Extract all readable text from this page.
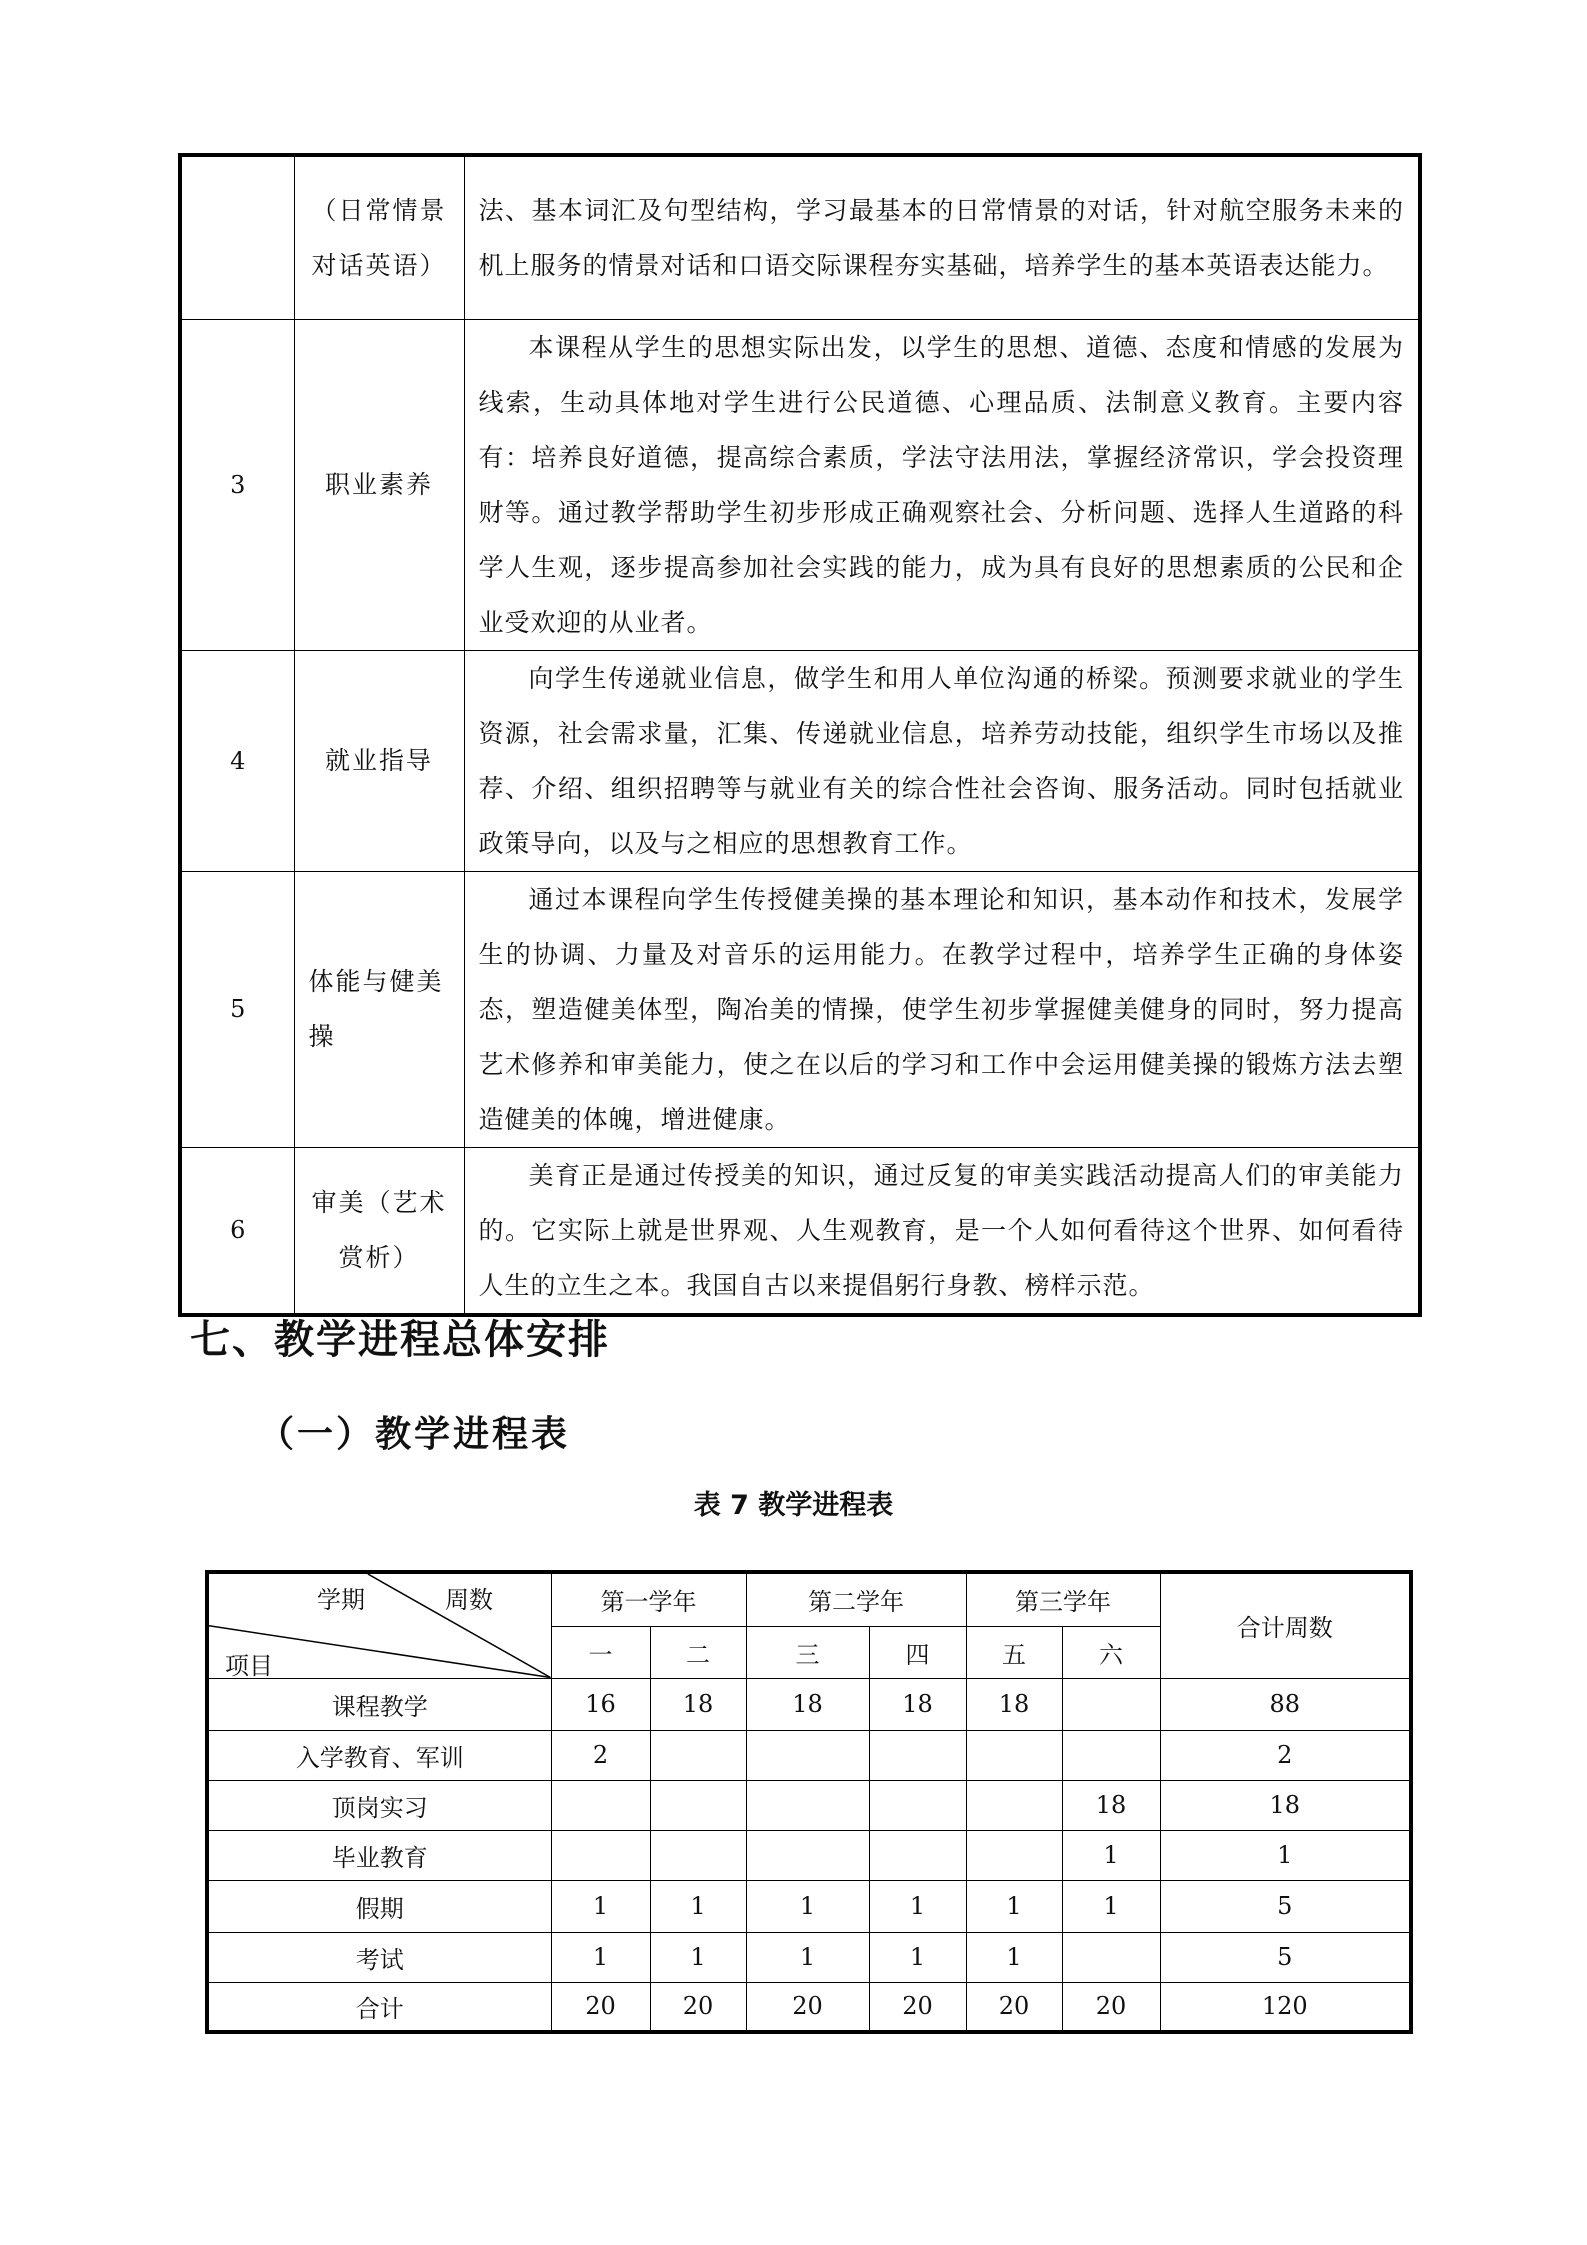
	（日常情景对话英语）	法、基本词汇及句型结构，学习最基本的日常情景的对话，针对航空服务未来的机上服务的情景对话和口语交际课程夯实基础，培养学生的基本英语表达能力。
3	职业素养	本课程从学生的思想实际出发，以学生的思想、道德、态度和情感的发展为线索，生动具体地对学生进行公民道德、心理品质、法制意义教育。主要内容有：培养良好道德，提高综合素质，学法守法用法，掌握经济常识，学会投资理财等。通过教学帮助学生初步形成正确观察社会、分析问题、选择人生道路的科学人生观，逐步提高参加社会实践的能力，成为具有良好的思想素质的公民和企业受欢迎的从业者。

4	就业指导	向学生传递就业信息，做学生和用人单位沟通的桥梁。预测要求就业的学生资源，社会需求量，汇集、传递就业信息，培养劳动技能，组织学生市场以及推荐、介绍、组织招聘等与就业有关的综合性社会咨询、服务活动。同时包括就业政策导向，以及与之相应的思想教育工作。

5	体能与健美操	通过本课程向学生传授健美操的基本理论和知识，基本动作和技术，发展学生的协调、力量及对音乐的运用能力。在教学过程中，培养学生正确的身体姿态，塑造健美体型，陶冶美的情操，使学生初步掌握健美健身的同时，努力提高艺术修养和审美能力，使之在以后的学习和工作中会运用健美操的锻炼方法去塑造健美的体魄，增进健康。

6	审美（艺术赏析）	美育正是通过传授美的知识，通过反复的审美实践活动提高人们的审美能力的。它实际上就是世界观、人生观教育，是一个人如何看待这个世界、如何看待人生的立生之本。我国自古以来提倡躬行身教、榜样示范。
七、教学进程总体安排
（一）教学进程表

表 7 教学进程表

学期 周数
项目	第一学年		第二学年		第三学年		合计周数
	一	二	三	四	五	六	
课程教学	16	18	18	18	18		88
入学教育、军训	2						2
顶岗实习						18	18
毕业教育						1	1
假期	1	1	1	1	1	1	5
考试	1	1	1	1	1		5
合计	20	20	20	20	20	20	120
